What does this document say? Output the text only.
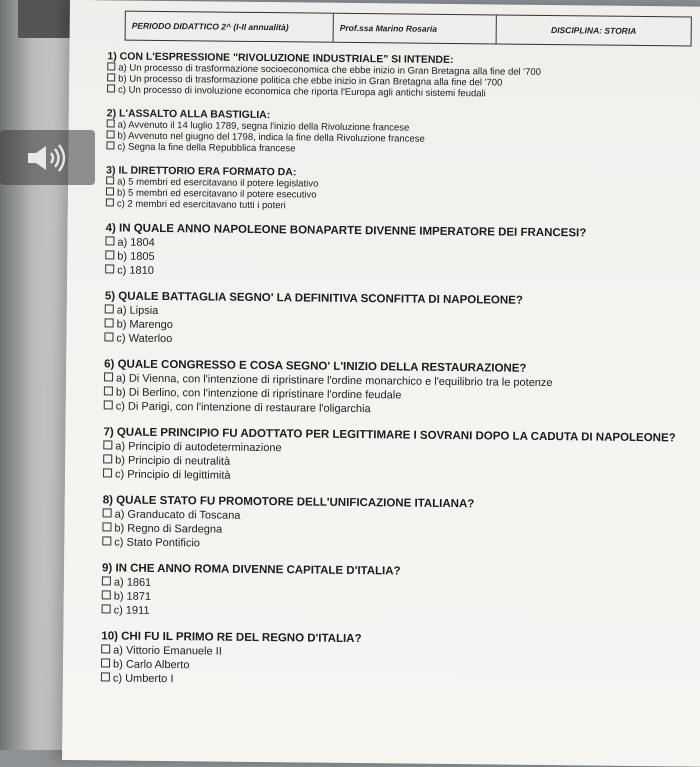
PERIODO DIDATTICO 2^ (I-II annualità)	Prof.ssa Marino Rosaria	DISCIPLINA: STORIA
1) CON L'ESPRESSIONE "RIVOLUZIONE INDUSTRIALE" SI INTENDE:
a) Un processo di trasformazione socioeconomica che ebbe inizio in Gran Bretagna alla fine del '700
b) Un processo di trasformazione politica che ebbe inizio in Gran Bretagna alla fine del '700
c) Un processo di involuzione economica che riporta l'Europa agli antichi sistemi feudali
2) L'ASSALTO ALLA BASTIGLIA:
a) Avvenuto il 14 luglio 1789, segna l'inizio della Rivoluzione francese
b) Avvenuto nel giugno del 1798, indica la fine della Rivoluzione francese
c) Segna la fine della Repubblica francese
3) IL DIRETTORIO ERA FORMATO DA:
a) 5 membri ed esercitavano il potere legislativo
b) 5 membri ed esercitavano il potere esecutivo
c) 2 membri ed esercitavano tutti i poteri
4) IN QUALE ANNO NAPOLEONE BONAPARTE DIVENNE IMPERATORE DEI FRANCESI?
a) 1804
b) 1805
c) 1810
5) QUALE BATTAGLIA SEGNO' LA DEFINITIVA SCONFITTA DI NAPOLEONE?
a) Lipsia
b) Marengo
c) Waterloo
6) QUALE CONGRESSO E COSA SEGNO' L'INIZIO DELLA RESTAURAZIONE?
a) Di Vienna, con l'intenzione di ripristinare l'ordine monarchico e l'equilibrio tra le potenze
b) Di Berlino, con l'intenzione di ripristinare l'ordine feudale
c) Di Parigi, con l'intenzione di restaurare l'oligarchia
7) QUALE PRINCIPIO FU ADOTTATO PER LEGITTIMARE I SOVRANI DOPO LA CADUTA DI NAPOLEONE?
a) Principio di autodeterminazione
b) Principio di neutralità
c) Principio di legittimità
8) QUALE STATO FU PROMOTORE DELL'UNIFICAZIONE ITALIANA?
a) Granducato di Toscana
b) Regno di Sardegna
c) Stato Pontificio
9) IN CHE ANNO ROMA DIVENNE CAPITALE D'ITALIA?
a) 1861
b) 1871
c) 1911
10) CHI FU IL PRIMO RE DEL REGNO D'ITALIA?
a) Vittorio Emanuele II
b) Carlo Alberto
c) Umberto I
